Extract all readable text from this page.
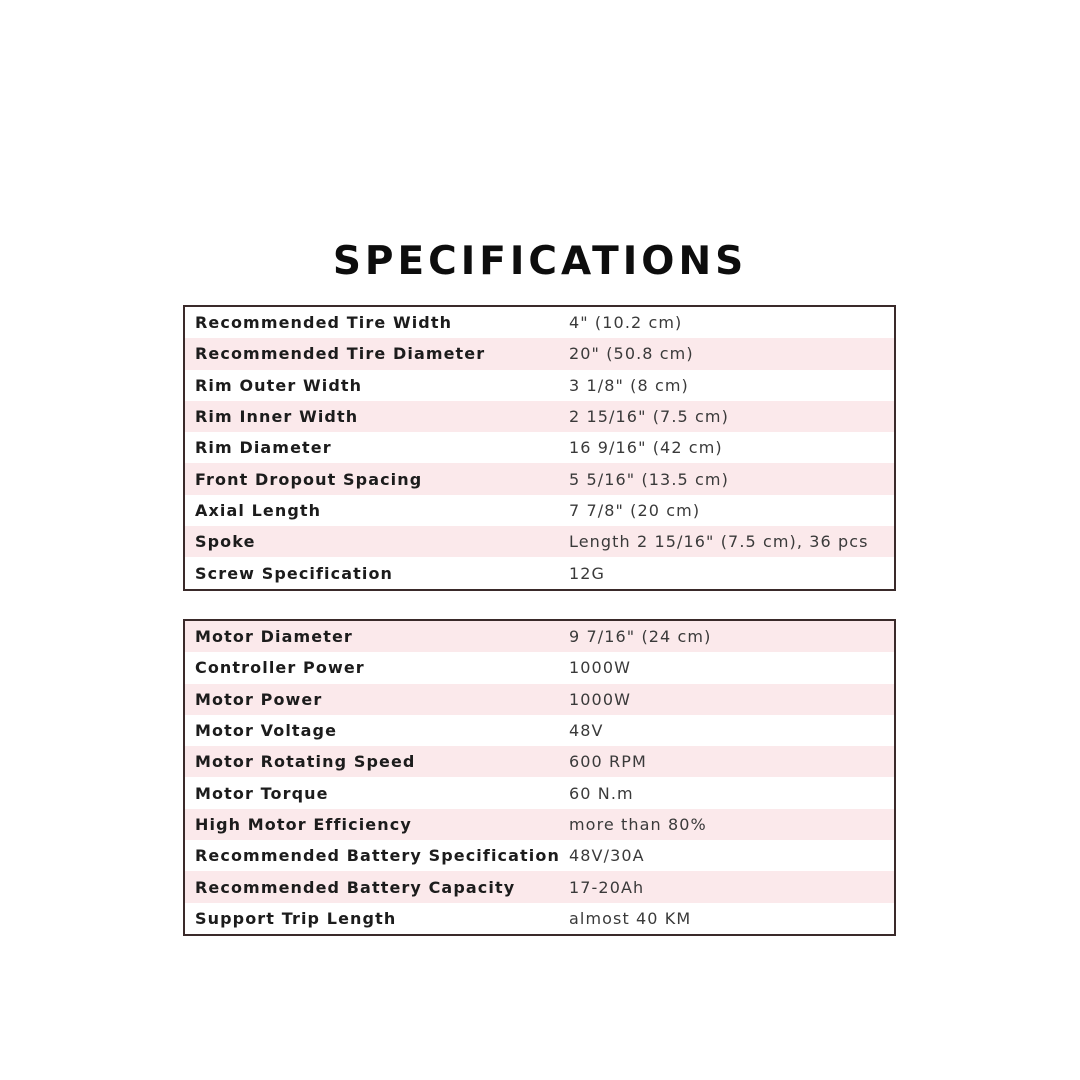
SPECIFICATIONS
Recommended Tire Width	4" (10.2 cm)
Recommended Tire Diameter	20" (50.8 cm)
Rim Outer Width	3 1/8" (8 cm)
Rim Inner Width	2 15/16" (7.5 cm)
Rim Diameter	16 9/16" (42 cm)
Front Dropout Spacing	5 5/16" (13.5 cm)
Axial Length	7 7/8" (20 cm)
Spoke	Length 2 15/16" (7.5 cm), 36 pcs
Screw Specification	12G
Motor Diameter	9 7/16" (24 cm)
Controller Power	1000W
Motor Power	1000W
Motor Voltage	48V
Motor Rotating Speed	600 RPM
Motor Torque	60 N.m
High Motor Efficiency	more than 80%
Recommended Battery Specification 48V/30A
Recommended Battery Capacity	17-20Ah
Support Trip Length	almost 40 KM
